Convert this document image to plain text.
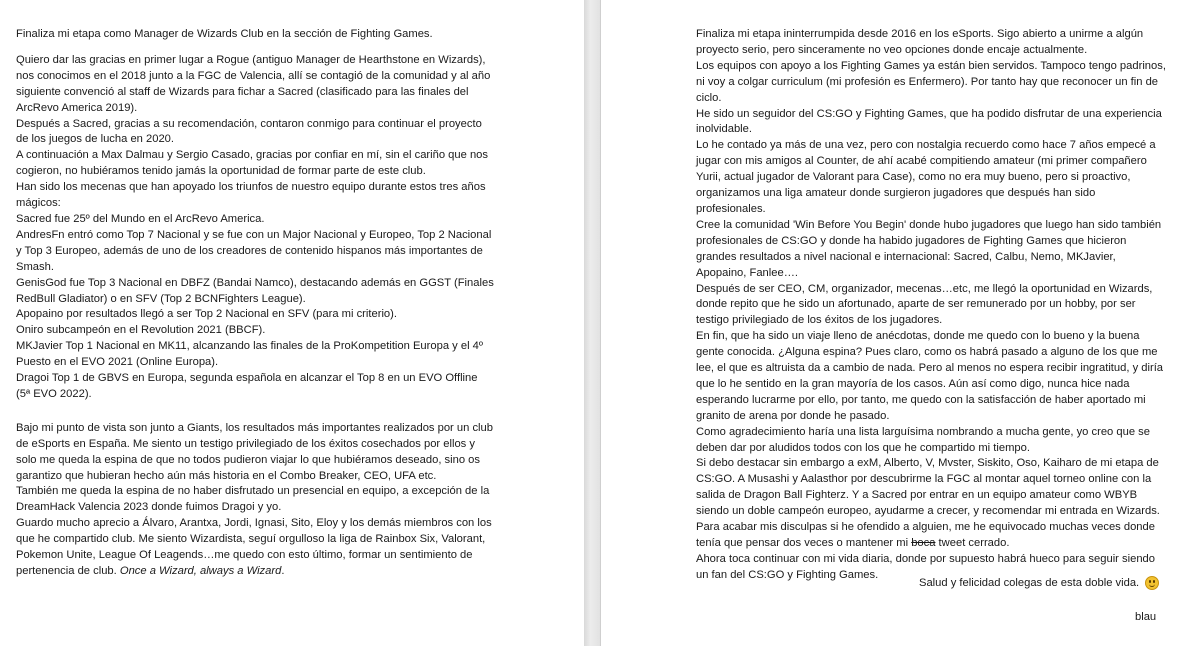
Finaliza mi etapa como Manager de Wizards Club en la sección de Fighting Games.

Quiero dar las gracias en primer lugar a Rogue (antiguo Manager de Hearthstone en Wizards), nos conocimos en el 2018 junto a la FGC de Valencia, allí se contagió de la comunidad y al año siguiente convenció al staff de Wizards para fichar a Sacred (clasificado para las finales del ArcRevo America 2019).

Después a Sacred, gracias a su recomendación, contaron conmigo para continuar el proyecto de los juegos de lucha en 2020.

A continuación a Max Dalmau y Sergio Casado, gracias por confiar en mí, sin el cariño que nos cogieron, no hubiéramos tenido jamás la oportunidad de formar parte de este club.

Han sido los mecenas que han apoyado los triunfos de nuestro equipo durante estos tres años mágicos:

Sacred fue 25º del Mundo en el ArcRevo America.

AndresFn entró como Top 7 Nacional y se fue con un Major Nacional y Europeo, Top 2 Nacional y Top 3 Europeo, además de uno de los creadores de contenido hispanos más importantes de Smash.

GenisGod fue Top 3 Nacional en DBFZ (Bandai Namco), destacando además en GGST (Finales RedBull Gladiator) o en SFV (Top 2 BCNFighters League).

Apopaino por resultados llegó a ser Top 2 Nacional en SFV (para mi criterio).

Oniro subcampeón en el Revolution 2021 (BBCF).

MKJavier Top 1 Nacional en MK11, alcanzando las finales de la ProKompetition Europa y el 4º Puesto en el EVO 2021 (Online Europa).

Dragoi Top 1 de GBVS en Europa, segunda española en alcanzar el Top 8 en un EVO Offline (5ª EVO 2022).

Bajo mi punto de vista son junto a Giants, los resultados más importantes realizados por un club de eSports en España. Me siento un testigo privilegiado de los éxitos cosechados por ellos y solo me queda la espina de que no todos pudieron viajar lo que hubiéramos deseado, sino os garantizo que hubieran hecho aún más historia en el Combo Breaker, CEO, UFA etc.

También me queda la espina de no haber disfrutado un presencial en equipo, a excepción de la DreamHack Valencia 2023 donde fuimos Dragoi y yo.

Guardo mucho aprecio a Álvaro, Arantxa, Jordi, Ignasi, Sito, Eloy y los demás miembros con los que he compartido club. Me siento Wizardista, seguí orgulloso la liga de Rainbox Six, Valorant, Pokemon Unite, League Of Leagends…me quedo con esto último, formar un sentimiento de pertenencia de club. Once a Wizard, always a Wizard.

Finaliza mi etapa ininterrumpida desde 2016 en los eSports. Sigo abierto a unirme a algún proyecto serio, pero sinceramente no veo opciones donde encaje actualmente.

Los equipos con apoyo a los Fighting Games ya están bien servidos. Tampoco tengo padrinos, ni voy a colgar curriculum (mi profesión es Enfermero). Por tanto hay que reconocer un fin de ciclo.

He sido un seguidor del CS:GO y Fighting Games, que ha podido disfrutar de una experiencia inolvidable.

Lo he contado ya más de una vez, pero con nostalgia recuerdo como hace 7 años empecé a jugar con mis amigos al Counter, de ahí acabé compitiendo amateur (mi primer compañero Yurii, actual jugador de Valorant para Case), como no era muy bueno, pero si proactivo, organizamos una liga amateur donde surgieron jugadores que después han sido profesionales.

Cree la comunidad 'Win Before You Begin' donde hubo jugadores que luego han sido también profesionales de CS:GO y donde ha habido jugadores de Fighting Games que hicieron grandes resultados a nivel nacional e internacional: Sacred, Calbu, Nemo, MKJavier, Apopaino, Fanlee….

Después de ser CEO, CM, organizador, mecenas…etc, me llegó la oportunidad en Wizards, donde repito que he sido un afortunado, aparte de ser remunerado por un hobby, por ser testigo privilegiado de los éxitos de los jugadores.

En fin, que ha sido un viaje lleno de anécdotas, donde me quedo con lo bueno y la buena gente conocida. ¿Alguna espina? Pues claro, como os habrá pasado a alguno de los que me lee, el que es altruista da a cambio de nada. Pero al menos no espera recibir ingratitud, y diría que lo he sentido en la gran mayoría de los casos. Aún así como digo, nunca hice nada esperando lucrarme por ello, por tanto, me quedo con la satisfacción de haber aportado mi granito de arena por donde he pasado.

Como agradecimiento haría una lista larguísima nombrando a mucha gente, yo creo que se deben dar por aludidos todos con los que he compartido mi tiempo.

Si debo destacar sin embargo a exM, Alberto, V, Mvster, Siskito, Oso, Kaiharo de mi etapa de CS:GO. A Musashi y Aalasthor por descubrirme la FGC al montar aquel torneo online con la salida de Dragon Ball Fighterz. Y a Sacred por entrar en un equipo amateur como WBYB siendo un doble campeón europeo, ayudarme a crecer, y recomendar mi entrada en Wizards.

Para acabar mis disculpas si he ofendido a alguien, me he equivocado muchas veces donde tenía que pensar dos veces o mantener mi boca tweet cerrado.

Ahora toca continuar con mi vida diaria, donde por supuesto habrá hueco para seguir siendo un fan del CS:GO y Fighting Games.

Salud y felicidad colegas de esta doble vida.
blau
